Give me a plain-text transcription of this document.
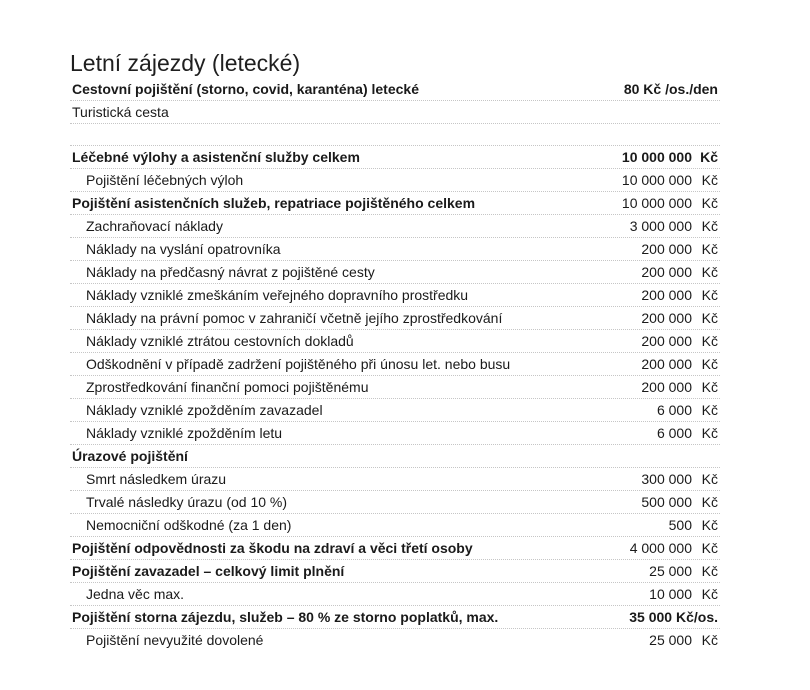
Letní zájezdy (letecké)
Cestovní pojištění (storno, covid, karanténa) letecké	80 Kč /os./den
Turistická cesta
Léčebné výlohy a asistenční služby celkem	10 000 000 Kč
Pojištění léčebných výloh	10 000 000 Kč
Pojištění asistenčních služeb, repatriace pojištěného celkem	10 000 000 Kč
Zachraňovací náklady	3 000 000 Kč
Náklady na vyslání opatrovníka	200 000 Kč
Náklady na předčasný návrat z pojištěné cesty	200 000 Kč
Náklady vzniklé zmeškáním veřejného dopravního prostředku	200 000 Kč
Náklady na právní pomoc v zahraničí včetně jejího zprostředkování	200 000 Kč
Náklady vzniklé ztrátou cestovních dokladů	200 000 Kč
Odškodnění v případě zadržení pojištěného při únosu let. nebo busu	200 000 Kč
Zprostředkování finanční pomoci pojištěnému	200 000 Kč
Náklady vzniklé zpožděním zavazadel	6 000 Kč
Náklady vzniklé zpožděním letu	6 000 Kč
Úrazové pojištění
Smrt následkem úrazu	300 000 Kč
Trvalé následky úrazu (od 10 %)	500 000 Kč
Nemocniční odškodné (za 1 den)	500 Kč
Pojištění odpovědnosti za škodu na zdraví a věci třetí osoby	4 000 000 Kč
Pojištění zavazadel – celkový limit plnění	25 000 Kč
Jedna věc max.	10 000 Kč
Pojištění storna zájezdu, služeb – 80 % ze storno poplatků, max.	35 000 Kč/os.
Pojištění nevyužité dovolené	25 000 Kč
